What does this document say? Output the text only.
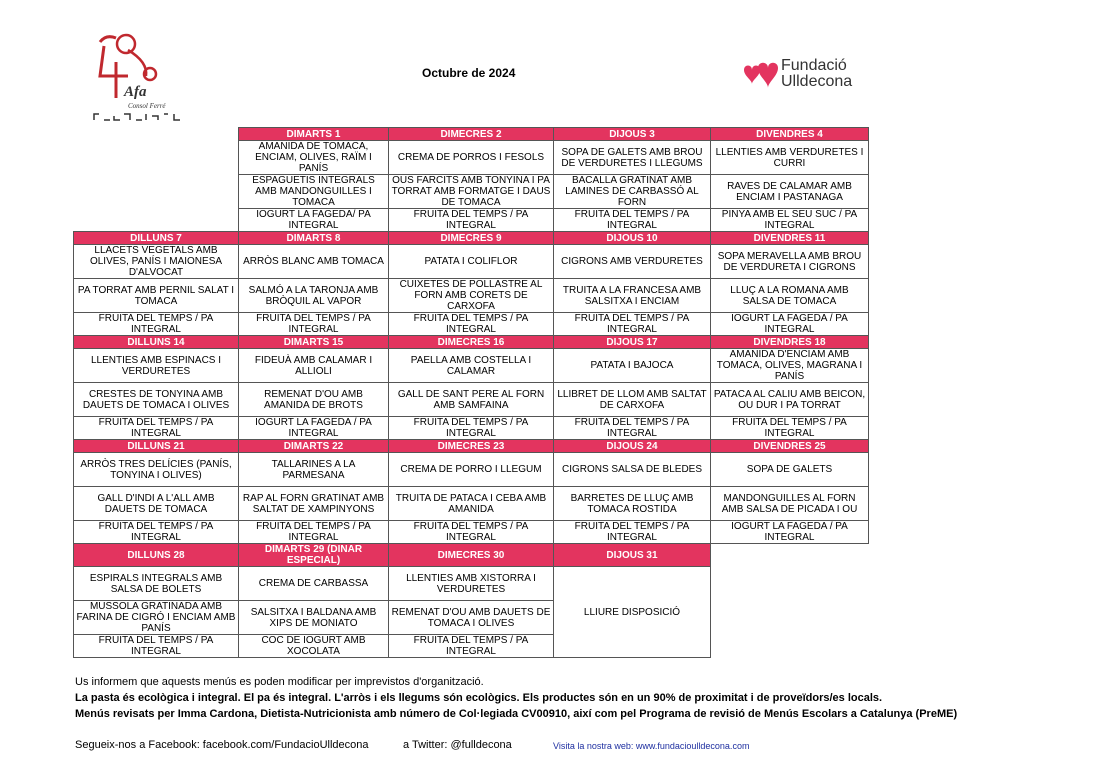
Afa
Consol Ferré
Fundació
Ulldecona
Octubre de 2024
	DIMARTS 1	DIMECRES 2	DIJOUS 3	DIVENDRES 4
	AMANIDA DE TOMACA, ENCIAM, OLIVES, RAÏM I PANÍS	CREMA DE PORROS I FESOLS	SOPA DE GALETS AMB BROU DE VERDURETES I LLEGUMS	LLENTIES AMB VERDURETES I CURRI
	ESPAGUETIS INTEGRALS AMB MANDONGUILLES I TOMACA	OUS FARCITS AMB TONYINA I PA TORRAT AMB FORMATGE I DAUS DE TOMACA	BACALLA GRATINAT AMB LAMINES DE CARBASSÓ AL FORN	RAVES DE CALAMAR AMB ENCIAM I PASTANAGA
	IOGURT LA FAGEDA/ PA INTEGRAL	FRUITA DEL TEMPS / PA INTEGRAL	FRUITA DEL TEMPS / PA INTEGRAL	PINYA AMB EL SEU SUC / PA INTEGRAL
DILLUNS 7	DIMARTS 8	DIMECRES 9	DIJOUS 10	DIVENDRES 11
LLACETS VEGETALS AMB OLIVES, PANÍS I MAIONESA D'ALVOCAT	ARRÒS BLANC AMB TOMACA	PATATA I COLIFLOR	CIGRONS AMB VERDURETES	SOPA MERAVELLA AMB BROU DE VERDURETA I CIGRONS
PA TORRAT AMB PERNIL SALAT I TOMACA	SALMÓ A LA TARONJA AMB BRÒQUIL AL VAPOR	CUIXETES DE POLLASTRE AL FORN AMB CORETS DE CARXOFA	TRUITA A LA FRANCESA AMB SALSITXA I ENCIAM	LLUÇ A LA ROMANA AMB SALSA DE TOMACA
FRUITA DEL TEMPS / PA INTEGRAL	FRUITA DEL TEMPS / PA INTEGRAL	FRUITA DEL TEMPS / PA INTEGRAL	FRUITA DEL TEMPS / PA INTEGRAL	IOGURT LA FAGEDA / PA INTEGRAL
DILLUNS 14	DIMARTS 15	DIMECRES 16	DIJOUS 17	DIVENDRES 18
LLENTIES AMB ESPINACS I VERDURETES	FIDEUÀ AMB CALAMAR I ALLIOLI	PAELLA AMB COSTELLA I CALAMAR	PATATA I BAJOCA	AMANIDA D'ENCIAM AMB TOMACA, OLIVES, MAGRANA I PANÍS
CRESTES DE TONYINA AMB DAUETS DE TOMACA I OLIVES	REMENAT D'OU AMB AMANIDA DE BROTS	GALL DE SANT PERE AL FORN AMB SAMFAINA	LLIBRET DE LLOM AMB SALTAT DE CARXOFA	PATACA AL CALIU AMB BEICON, OU DUR I PA TORRAT
FRUITA DEL TEMPS / PA INTEGRAL	IOGURT LA FAGEDA / PA INTEGRAL	FRUITA DEL TEMPS / PA INTEGRAL	FRUITA DEL TEMPS / PA INTEGRAL	FRUITA DEL TEMPS / PA INTEGRAL
DILLUNS 21	DIMARTS 22	DIMECRES 23	DIJOUS 24	DIVENDRES 25
ARRÒS TRES DELÍCIES (PANÍS, TONYINA I OLIVES)	TALLARINES A LA PARMESANA	CREMA DE PORRO I LLEGUM	CIGRONS SALSA DE BLEDES	SOPA DE GALETS
GALL D'INDI A L'ALL AMB DAUETS DE TOMACA	RAP AL FORN GRATINAT AMB SALTAT DE XAMPINYONS	TRUITA DE PATACA I CEBA AMB AMANIDA	BARRETES DE LLUÇ AMB TOMACA ROSTIDA	MANDONGUILLES AL FORN AMB SALSA DE PICADA I OU
FRUITA DEL TEMPS / PA INTEGRAL	FRUITA DEL TEMPS / PA INTEGRAL	FRUITA DEL TEMPS / PA INTEGRAL	FRUITA DEL TEMPS / PA INTEGRAL	IOGURT LA FAGEDA / PA INTEGRAL
DILLUNS 28	DIMARTS 29 (DINAR ESPECIAL)	DIMECRES 30	DIJOUS 31	
ESPIRALS INTEGRALS AMB SALSA DE BOLETS	CREMA DE CARBASSA	LLENTIES AMB XISTORRA I VERDURETES	LLIURE DISPOSICIÓ	
MUSSOLA GRATINADA AMB FARINA DE CIGRÓ I ENCIAM AMB PANÍS	SALSITXA I BALDANA AMB XIPS DE MONIATO	REMENAT D'OU AMB DAUETS DE TOMACA I OLIVES		
FRUITA DEL TEMPS / PA INTEGRAL	COC DE IOGURT AMB XOCOLATA	FRUITA DEL TEMPS / PA INTEGRAL		
Us informem que aquests menús es poden modificar per imprevistos d'organització.
La pasta és ecològica i integral. El pa és integral. L'arròs i els llegums són ecològics. Els productes són en un 90% de proximitat i de proveïdors/es locals.
Menús revisats per Imma Cardona, Dietista-Nutricionista amb número de Col·legiada CV00910, així com pel Programa de revisió de Menús Escolars a Catalunya (PreME)
Segueix-nos a Facebook: facebook.com/FundacioUlldecona	a Twitter: @fulldecona	Visita la nostra web: www.fundacioulldecona.com
